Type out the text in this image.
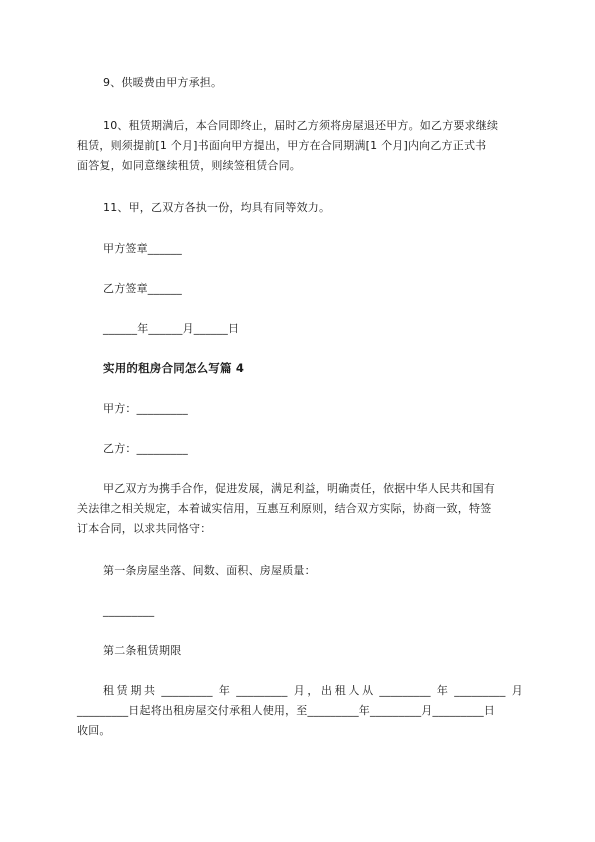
9、供暖费由甲方承担。
10、租赁期满后，本合同即终止，届时乙方须将房屋退还甲方。如乙方要求继续
租赁，则须提前[1 个月]书面向甲方提出，甲方在合同期满[1 个月]内向乙方正式书
面答复，如同意继续租赁，则续签租赁合同。
11、甲，乙双方各执一份，均具有同等效力。
甲方签章______
乙方签章______
______年______月______日
实用的租房合同怎么写篇 4
甲方：_________
乙方：_________
甲乙双方为携手合作，促进发展，满足利益，明确责任，依据中华人民共和国有
关法律之相关规定，本着诚实信用，互惠互利原则，结合双方实际，协商一致，特签
订本合同，以求共同恪守：
第一条房屋坐落、间数、面积、房屋质量：
_________
第二条租赁期限
租 赁 期 共 _________ 年 _________ 月 ， 出 租 人 从 _________ 年 _________ 月
_________日起将出租房屋交付承租人使用，至_________年_________月_________日
收回。
